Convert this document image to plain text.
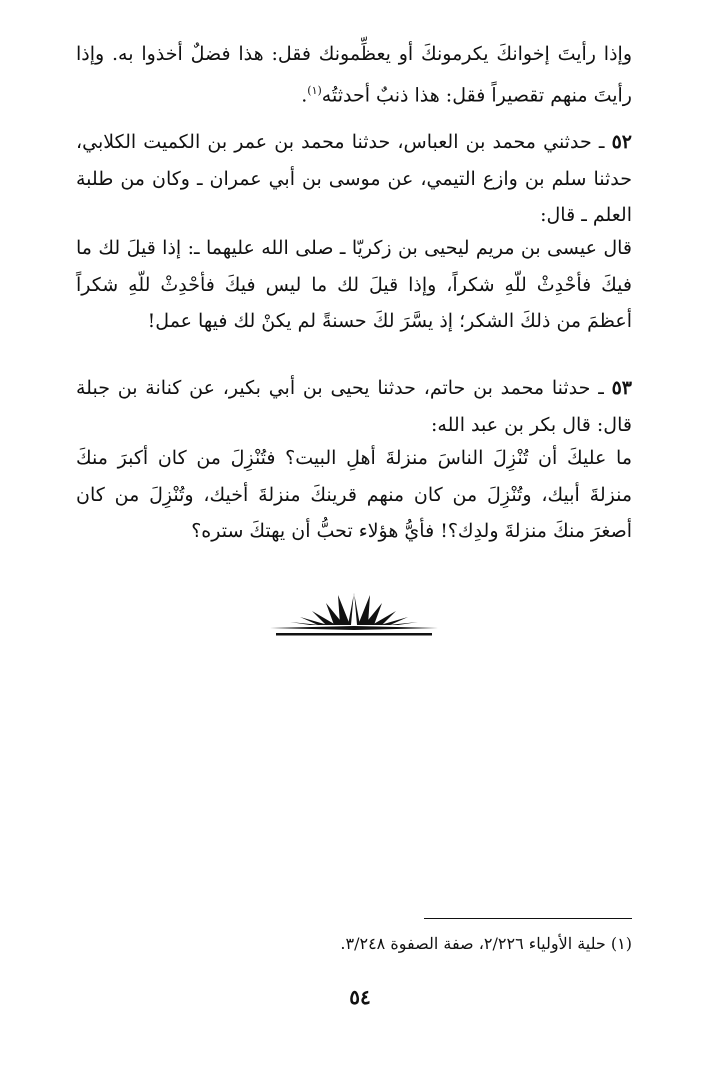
وإذا رأيتَ إخوانكَ يكرمونكَ أو يعظِّمونك فقل: هذا فضلٌ أخذوا به. وإذا رأيتَ منهم تقصيراً فقل: هذا ذنبٌ أحدثتُه$^{(١)}$.
٥٢ ـ حدثني محمد بن العباس، حدثنا محمد بن عمر بن الكميت الكلابي، حدثنا سلم بن وازع التيمي، عن موسى بن أبي عمران ـ وكان من طلبة العلم ـ قال:
قال عيسى بن مريم ليحيى بن زكريّا ـ صلى الله عليهما ـ: إذا قيلَ لك ما فيكَ فأحْدِثْ للّهِ شكراً، وإذا قيلَ لك ما ليس فيكَ فأحْدِثْ للّهِ شكراً أعظمَ من ذلكَ الشكر؛ إذ يسَّرَ لكَ حسنةً لم يكنْ لك فيها عمل!
٥٣ ـ حدثنا محمد بن حاتم، حدثنا يحيى بن أبي بكير، عن كنانة بن جبلة قال: قال بكر بن عبد الله:
ما عليكَ أن تُنْزِلَ الناسَ منزلةَ أهلِ البيت؟ فتُنْزِلَ من كان أكبرَ منكَ منزلةَ أبيك، وتُنْزِلَ من كان منهم قرينكَ منزلةَ أخيك، وتُنْزِلَ من كان أصغرَ منكَ منزلةَ ولدِك؟! فأيُّ هؤلاء تحبُّ أن يهتكَ ستره؟
(١) حلية الأولياء ٢/٢٢٦، صفة الصفوة ٣/٢٤٨.
٥٤
